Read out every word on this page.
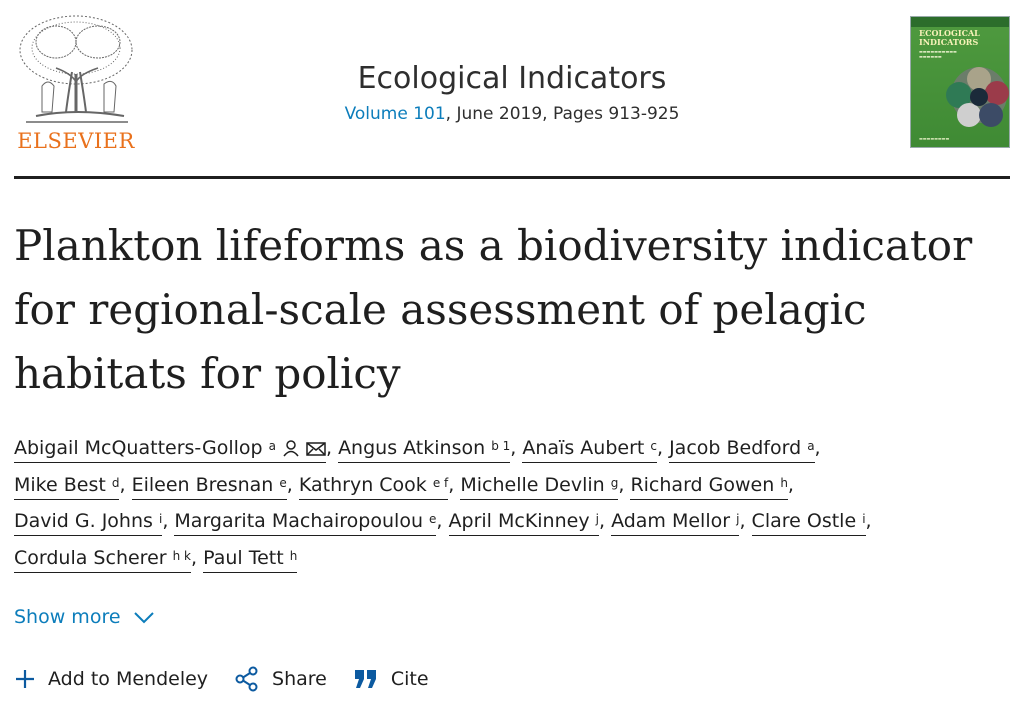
ELSEVIER
Ecological Indicators
Volume 101, June 2019, Pages 913-925
ECOLOGICAL INDICATORS
▬▬▬▬▬▬▬▬▬▬
▬▬▬▬▬▬
▬▬▬▬▬▬▬▬
Plankton lifeforms as a biodiversity indicator for regional-scale assessment of pelagic habitats for policy
Abigail McQuatters-Gollop $^a$	, Angus Atkinson $^{b 1}$, Anaïs Aubert $^c$, Jacob Bedford $^a$,
Mike Best $^d$, Eileen Bresnan $^e$, Kathryn Cook $^{e f}$, Michelle Devlin $^g$, Richard Gowen $^h$,
David G. Johns $^i$, Margarita Machairopoulou $^e$, April McKinney $^j$, Adam Mellor $^j$, Clare Ostle $^i$,
Cordula Scherer $^{h k}$, Paul Tett $^h$
Show more
Add to Mendeley	Share	Cite
